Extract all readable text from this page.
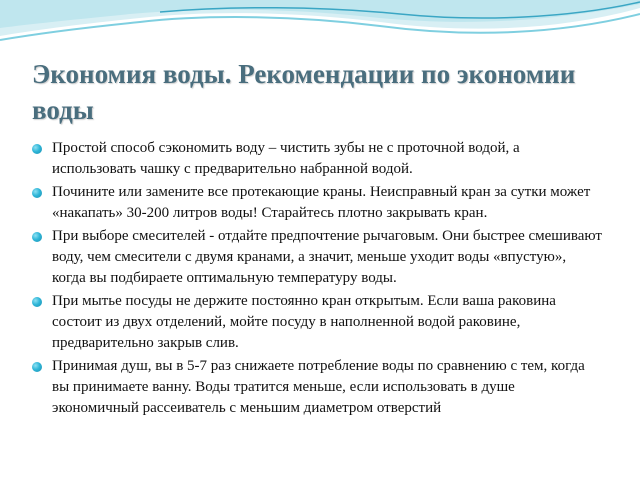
Экономия воды. Рекомендации по экономии воды
Простой способ сэкономить воду – чистить зубы не с проточной водой, а использовать чашку с предварительно набранной водой.
Почините или замените все протекающие краны. Неисправный кран за сутки может «накапать» 30-200 литров воды! Старайтесь плотно закрывать кран.
При выборе смесителей - отдайте предпочтение рычаговым. Они быстрее смешивают воду, чем смесители с двумя кранами, а значит, меньше уходит воды «впустую», когда вы подбираете оптимальную температуру воды.
При мытье посуды не держите постоянно кран открытым. Если ваша раковина состоит из двух отделений, мойте посуду в наполненной водой раковине, предварительно закрыв слив.
Принимая душ, вы в 5-7 раз снижаете потребление воды по сравнению с тем, когда вы принимаете ванну. Воды тратится меньше, если использовать в душе экономичный рассеиватель с меньшим диаметром отверстий
